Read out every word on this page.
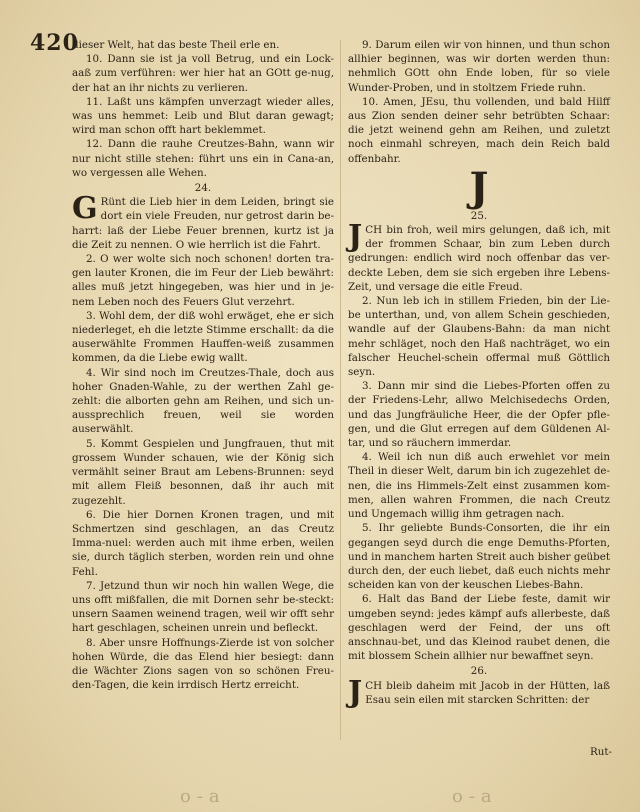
420

dieser Welt, hat das beste Theil erle en.

10. Dann sie ist ja voll Betrug, und ein Lock-aaß zum verführen: wer hier hat an GOtt ge-nug, der hat an ihr nichts zu verlieren.

11. Laßt uns kämpfen unverzagt wieder alles, was uns hemmet: Leib und Blut daran gewagt; wird man schon offt hart beklemmet.

12. Dann die rauhe Creutzes-Bahn, wann wir nur nicht stille stehen: führt uns ein in Cana-an, wo vergessen alle Wehen.

24.

G Rünt die Lieb hier in dem Leiden, bringt sie dort ein viele Freuden, nur getrost darin be-harrt: laß der Liebe Feuer brennen, kurtz ist ja die Zeit zu nennen. O wie herrlich ist die Fahrt.

2. O wer wolte sich noch schonen! dorten tra-gen lauter Kronen, die im Feur der Lieb bewährt: alles muß jetzt hingegeben, was hier und in je-nem Leben noch des Feuers Glut verzehrt.

3. Wohl dem, der diß wohl erwäget, ehe er sich niederleget, eh die letzte Stimme erschallt: da die auserwählte Frommen Hauffen-weiß zusammen kommen, da die Liebe ewig wallt.

4. Wir sind noch im Creutzes-Thale, doch aus hoher Gnaden-Wahle, zu der werthen Zahl ge-zehlt: die alborten gehn am Reihen, und sich un-aussprechlich freuen, weil sie worden auserwählt.

5. Kommt Gespielen und Jungfrauen, thut mit grossem Wunder schauen, wie der König sich vermählt seiner Braut am Lebens-Brunnen: seyd mit allem Fleiß besonnen, daß ihr auch mit zugezehlt.

6. Die hier Dornen Kronen tragen, und mit Schmertzen sind geschlagen, an das Creutz Imma-nuel: werden auch mit ihme erben, weilen sie, durch täglich sterben, worden rein und ohne Fehl.

7. Jetzund thun wir noch hin wallen Wege, die uns offt mißfallen, die mit Dornen sehr be-steckt: unsern Saamen weinend tragen, weil wir offt sehr hart geschlagen, scheinen unrein und befleckt.

8. Aber unsre Hoffnungs-Zierde ist von solcher hohen Würde, die das Elend hier besiegt: dann die Wächter Zions sagen von so schönen Freu-den-Tagen, die kein irrdisch Hertz erreicht.

9. Darum eilen wir von hinnen, und thun schon allhier beginnen, was wir dorten werden thun: nehmlich GOtt ohn Ende loben, für so viele Wunder-Proben, und in stoltzem Friede ruhn.

10. Amen, JEsu, thu vollenden, und bald Hilff aus Zion senden deiner sehr betrübten Schaar: die jetzt weinend gehn am Reihen, und zuletzt noch einmahl schreyen, mach dein Reich bald offenbahr.

J
25.

J CH bin froh, weil mirs gelungen, daß ich, mit der frommen Schaar, bin zum Leben durch gedrungen: endlich wird noch offenbar das ver-deckte Leben, dem sie sich ergeben ihre Lebens-Zeit, und versage die eitle Freud.

2. Nun leb ich in stillem Frieden, bin der Lie-be unterthan, und, von allem Schein geschieden, wandle auf der Glaubens-Bahn: da man nicht mehr schläget, noch den Haß nachträget, wo ein falscher Heuchel-schein offermal muß Göttlich seyn.

3. Dann mir sind die Liebes-Pforten offen zu der Friedens-Lehr, allwo Melchisedechs Orden, und das Jungfräuliche Heer, die der Opfer pfle-gen, und die Glut erregen auf dem Güldenen Al-tar, und so räuchern immerdar.

4. Weil ich nun diß auch erwehlet vor mein Theil in dieser Welt, darum bin ich zugezehlet de-nen, die ins Himmels-Zelt einst zusammen kom-men, allen wahren Frommen, die nach Creutz und Ungemach willig ihm getragen nach.

5. Ihr geliebte Bunds-Consorten, die ihr ein gegangen seyd durch die enge Demuths-Pforten, und in manchem harten Streit auch bisher geübet durch den, der euch liebet, daß euch nichts mehr scheiden kan von der keuschen Liebes-Bahn.

6. Halt das Band der Liebe feste, damit wir umgeben seynd: jedes kämpf aufs allerbeste, daß geschlagen werd der Feind, der uns oft anschnau-bet, und das Kleinod raubet denen, die mit blossem Schein allhier nur bewaffnet seyn.

26.

J CH bleib daheim mit Jacob in der Hütten, laß Esau sein eilen mit starcken Schritten: der

Rut-
o-a	o-a
